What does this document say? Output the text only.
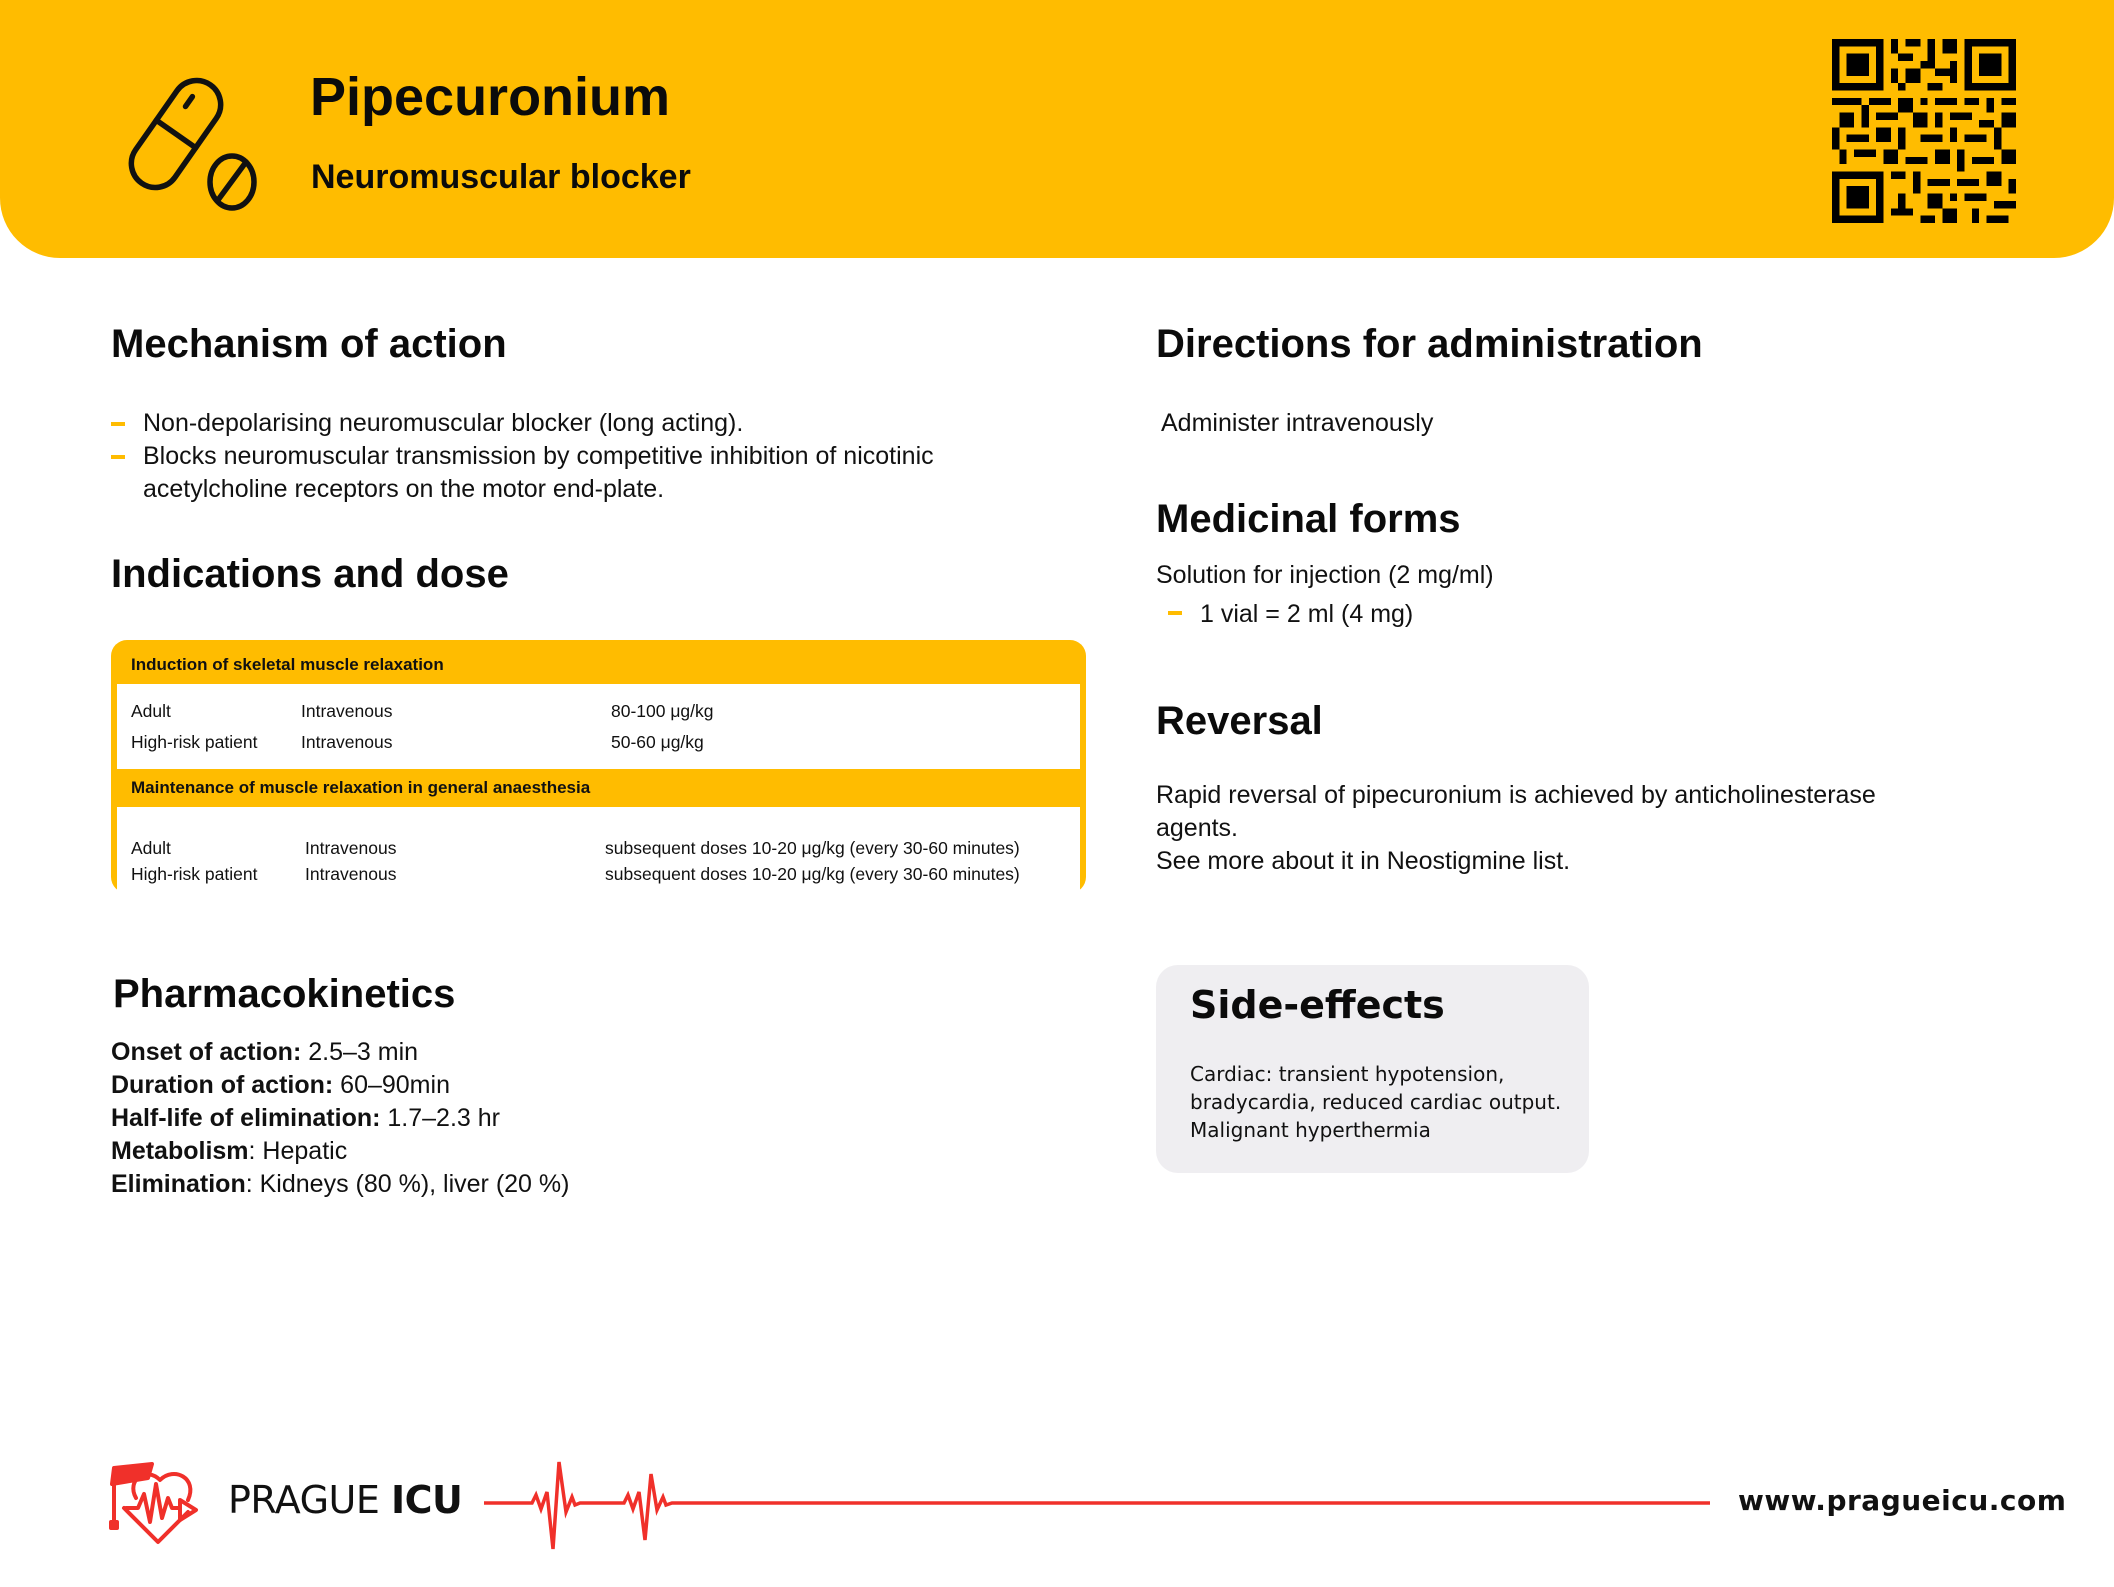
Pipecuronium
Neuromuscular blocker
Mechanism of action
Non-depolarising neuromuscular blocker (long acting).
Blocks neuromuscular transmission by competitive inhibition of nicotinic
acetylcholine receptors on the motor end-plate.
Indications and dose
Induction of skeletal muscle relaxation
Adult	Intravenous	80-100 μg/kg
High-risk patient	Intravenous	50-60 μg/kg
Maintenance of muscle relaxation in general anaesthesia
Adult	Intravenous	subsequent doses 10-20 μg/kg (every 30-60 minutes)
High-risk patient	Intravenous	subsequent doses 10-20 μg/kg (every 30-60 minutes)
Pharmacokinetics
Onset of action: 2.5–3 min
Duration of action: 60–90min
Half-life of elimination: 1.7–2.3 hr
Metabolism: Hepatic
Elimination: Kidneys (80 %), liver (20 %)
Directions for administration
Administer intravenously
Medicinal forms
Solution for injection (2 mg/ml)
1 vial = 2 ml (4 mg)
Reversal
Rapid reversal of pipecuronium is achieved by anticholinesterase
agents.
See more about it in Neostigmine list.
Side-effects
Cardiac: transient hypotension,
bradycardia, reduced cardiac output.
Malignant hyperthermia
PRAGUE ICU	www.pragueicu.com
